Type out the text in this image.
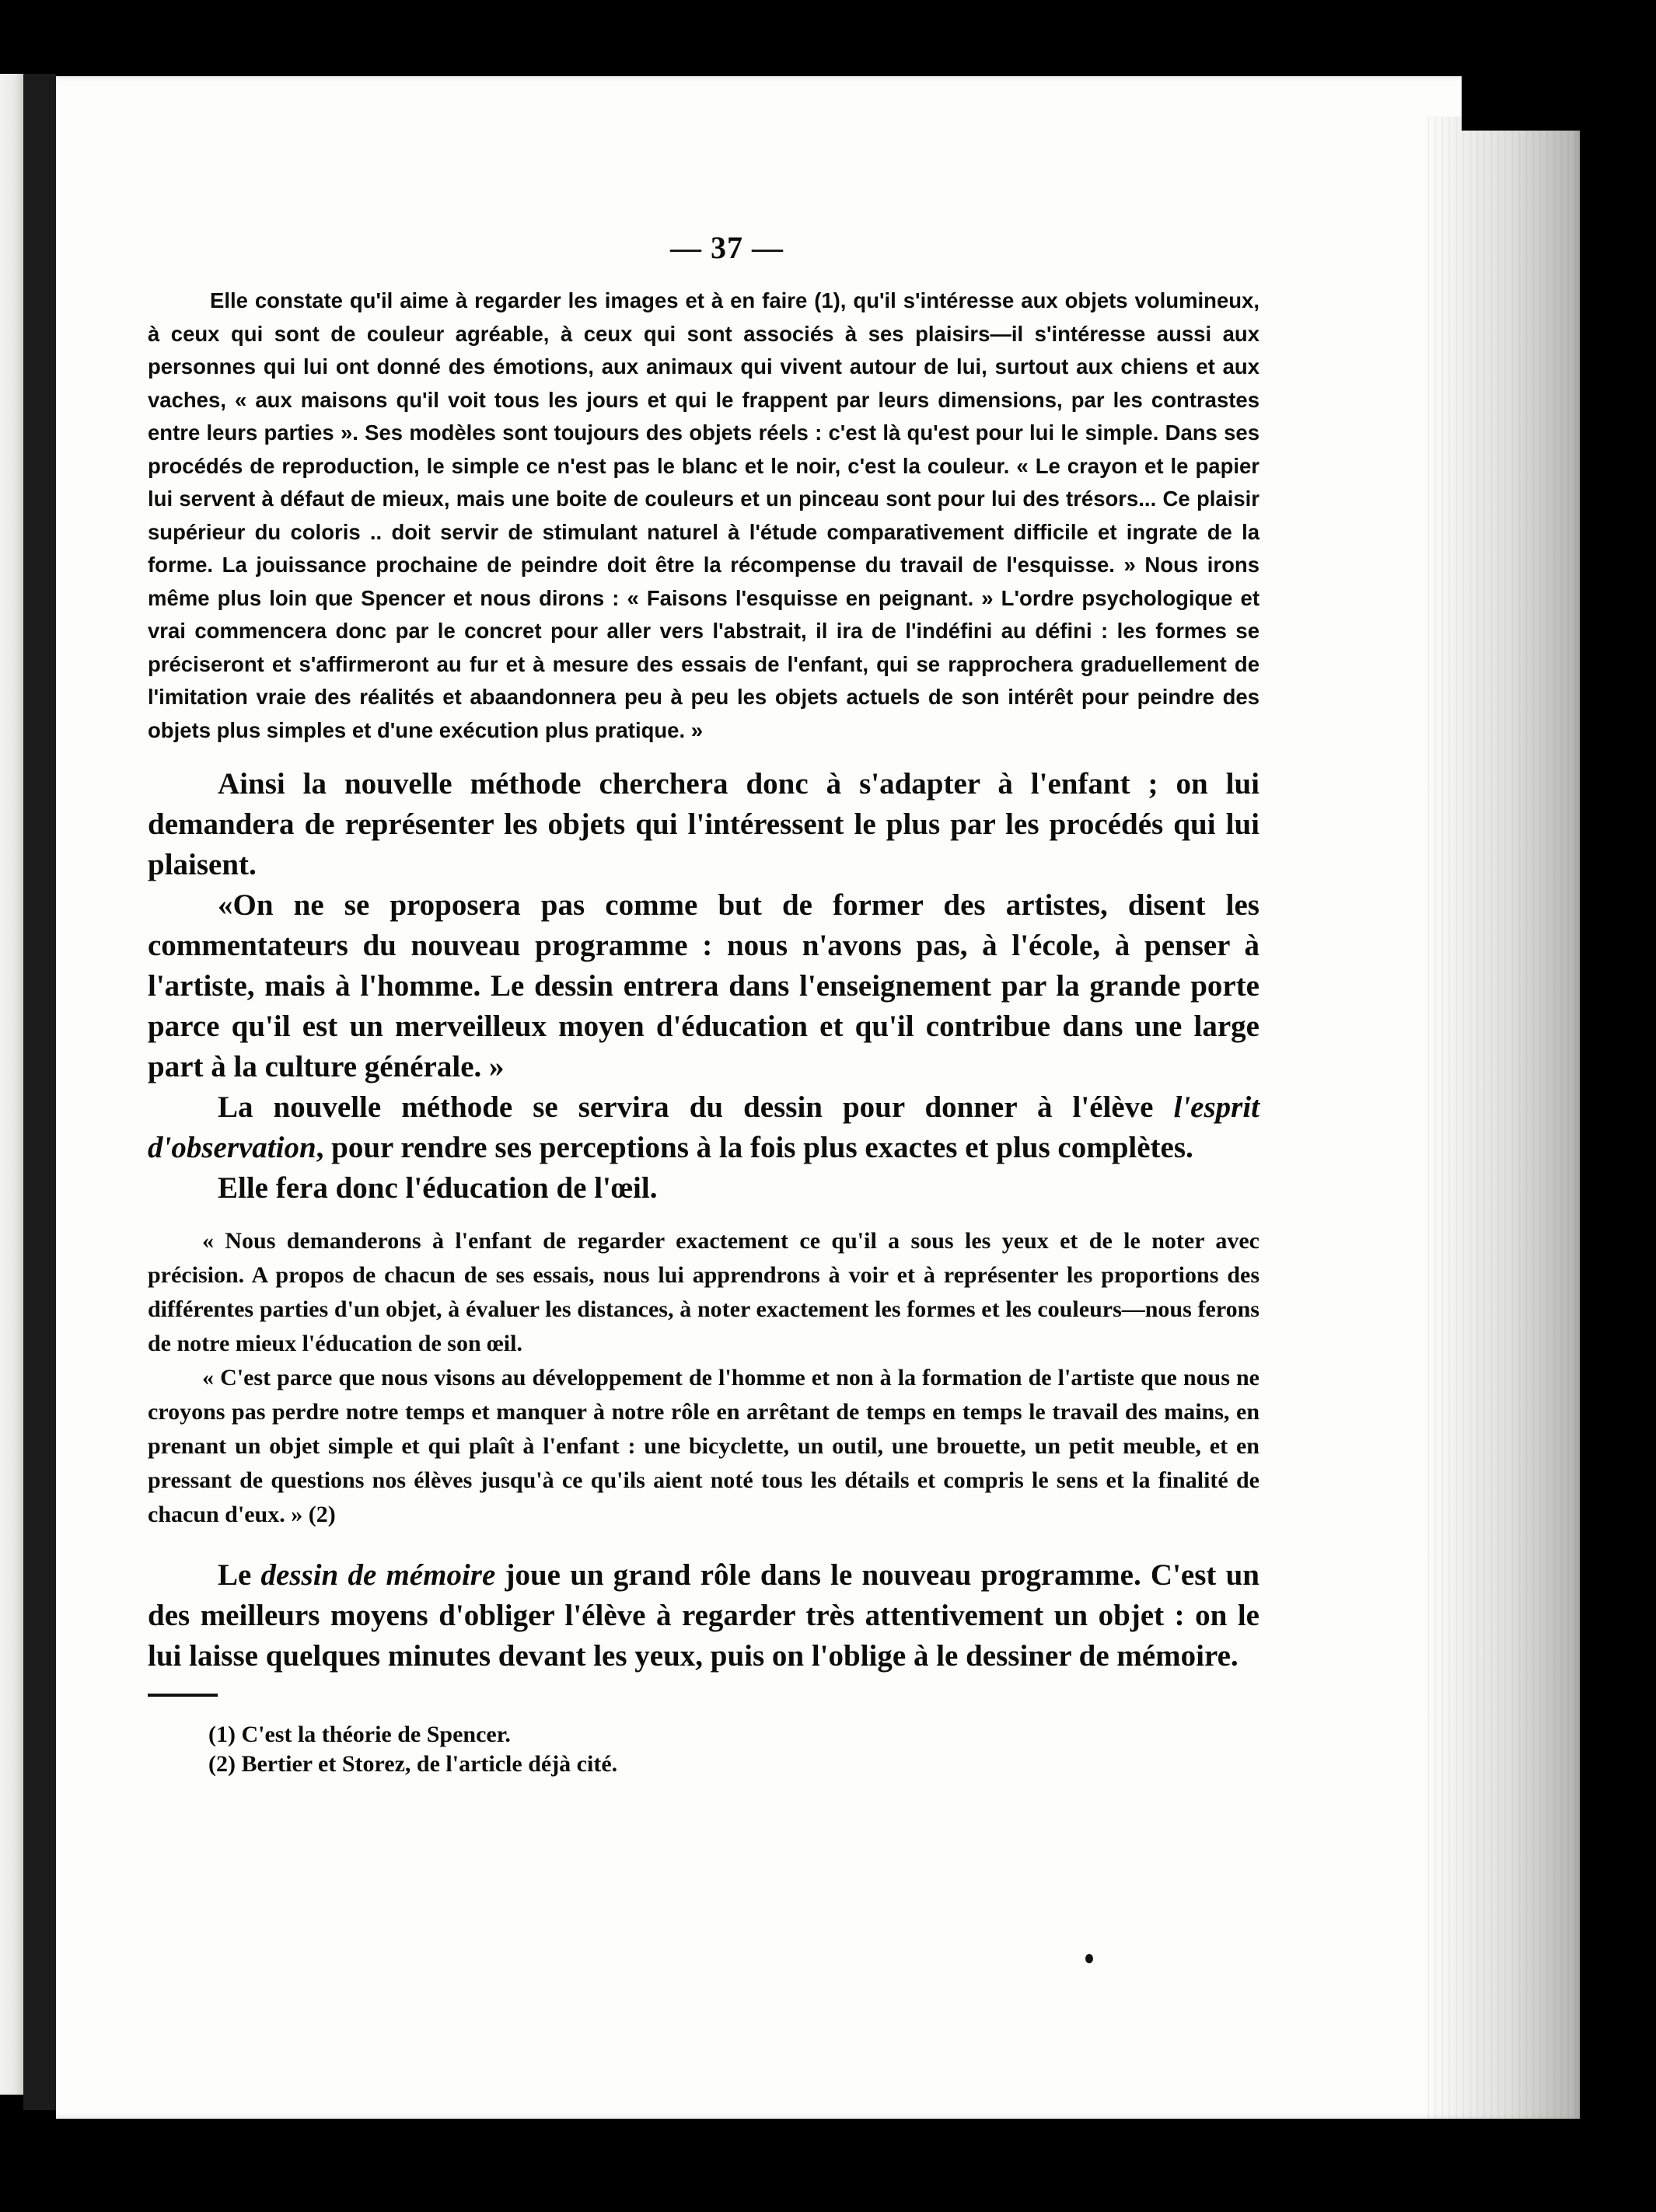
— 37 —

Elle constate qu'il aime à regarder les images et à en faire (1), qu'il s'intéresse aux objets volumineux, à ceux qui sont de couleur agréable, à ceux qui sont associés à ses plaisirs—il s'intéresse aussi aux personnes qui lui ont donné des émotions, aux animaux qui vivent autour de lui, surtout aux chiens et aux vaches, « aux maisons qu'il voit tous les jours et qui le frappent par leurs dimensions, par les contrastes entre leurs parties ». Ses modèles sont toujours des objets réels : c'est là qu'est pour lui le simple. Dans ses procédés de reproduction, le simple ce n'est pas le blanc et le noir, c'est la couleur. « Le crayon et le papier lui servent à défaut de mieux, mais une boite de couleurs et un pinceau sont pour lui des trésors... Ce plaisir supérieur du coloris .. doit servir de stimulant naturel à l'étude comparativement difficile et ingrate de la forme. La jouissance prochaine de peindre doit être la récompense du travail de l'esquisse. » Nous irons même plus loin que Spencer et nous dirons : « Faisons l'esquisse en peignant. » L'ordre psychologique et vrai commencera donc par le concret pour aller vers l'abstrait, il ira de l'indéfini au défini : les formes se préciseront et s'affirmeront au fur et à mesure des essais de l'enfant, qui se rapprochera graduellement de l'imitation vraie des réalités et abaandonnera peu à peu les objets actuels de son intérêt pour peindre des objets plus simples et d'une exécution plus pratique. »

Ainsi la nouvelle méthode cherchera donc à s'adapter à l'enfant ; on lui demandera de représenter les objets qui l'intéressent le plus par les procédés qui lui plaisent.

«On ne se proposera pas comme but de former des artistes, disent les commentateurs du nouveau programme : nous n'avons pas, à l'école, à penser à l'artiste, mais à l'homme. Le dessin entrera dans l'enseignement par la grande porte parce qu'il est un merveilleux moyen d'éducation et qu'il contribue dans une large part à la culture générale. »

La nouvelle méthode se servira du dessin pour donner à l'élève l'esprit d'observation, pour rendre ses perceptions à la fois plus exactes et plus complètes.

Elle fera donc l'éducation de l'œil.

« Nous demanderons à l'enfant de regarder exactement ce qu'il a sous les yeux et de le noter avec précision. A propos de chacun de ses essais, nous lui apprendrons à voir et à représenter les proportions des différentes parties d'un objet, à évaluer les distances, à noter exactement les formes et les couleurs—nous ferons de notre mieux l'éducation de son œil.

« C'est parce que nous visons au développement de l'homme et non à la formation de l'artiste que nous ne croyons pas perdre notre temps et manquer à notre rôle en arrêtant de temps en temps le travail des mains, en prenant un objet simple et qui plaît à l'enfant : une bicyclette, un outil, une brouette, un petit meuble, et en pressant de questions nos élèves jusqu'à ce qu'ils aient noté tous les détails et compris le sens et la finalité de chacun d'eux. » (2)

Le dessin de mémoire joue un grand rôle dans le nouveau programme. C'est un des meilleurs moyens d'obliger l'élève à regarder très attentivement un objet : on le lui laisse quelques minutes devant les yeux, puis on l'oblige à le dessiner de mémoire.

(1) C'est la théorie de Spencer.

(2) Bertier et Storez, de l'article déjà cité.
